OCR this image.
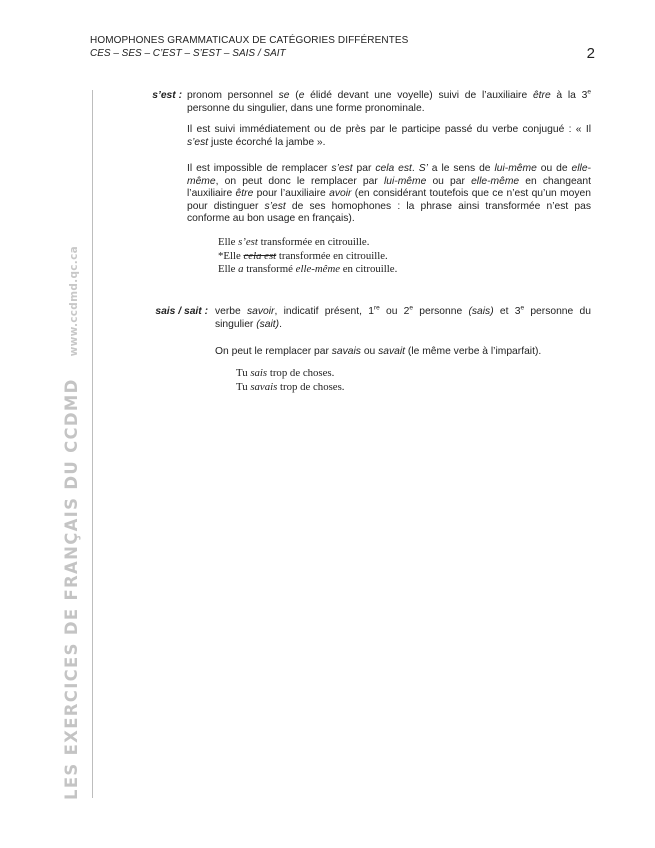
HOMOPHONES GRAMMATICAUX DE CATÉGORIES DIFFÉRENTES
CES – SES – C’EST – S’EST – SAIS / SAIT	2
LES EXERCICES DE FRANÇAIS DU CCDMDwww.ccdmd.qc.ca
s’est : pronom personnel se (e élidé devant une voyelle) suivi de l’auxiliaire être à la 3e personne du singulier, dans une forme pronominale.
Il est suivi immédiatement ou de près par le participe passé du verbe conjugué : « Il s’est juste écorché la jambe ».
Il est impossible de remplacer s’est par cela est. S’ a le sens de lui-même ou de elle-même, on peut donc le remplacer par lui-même ou par elle-même en changeant l’auxiliaire être pour l’auxiliaire avoir (en considérant toutefois que ce n’est qu’un moyen pour distinguer s’est de ses homophones : la phrase ainsi transformée n’est pas conforme au bon usage en français).
Elle s’est transformée en citrouille.
*Elle cela est transformée en citrouille.
Elle a transformé elle-même en citrouille.
sais / sait : verbe savoir, indicatif présent, 1re ou 2e personne (sais) et 3e personne du singulier (sait).
On peut le remplacer par savais ou savait (le même verbe à l’imparfait).
Tu sais trop de choses.
Tu savais trop de choses.
